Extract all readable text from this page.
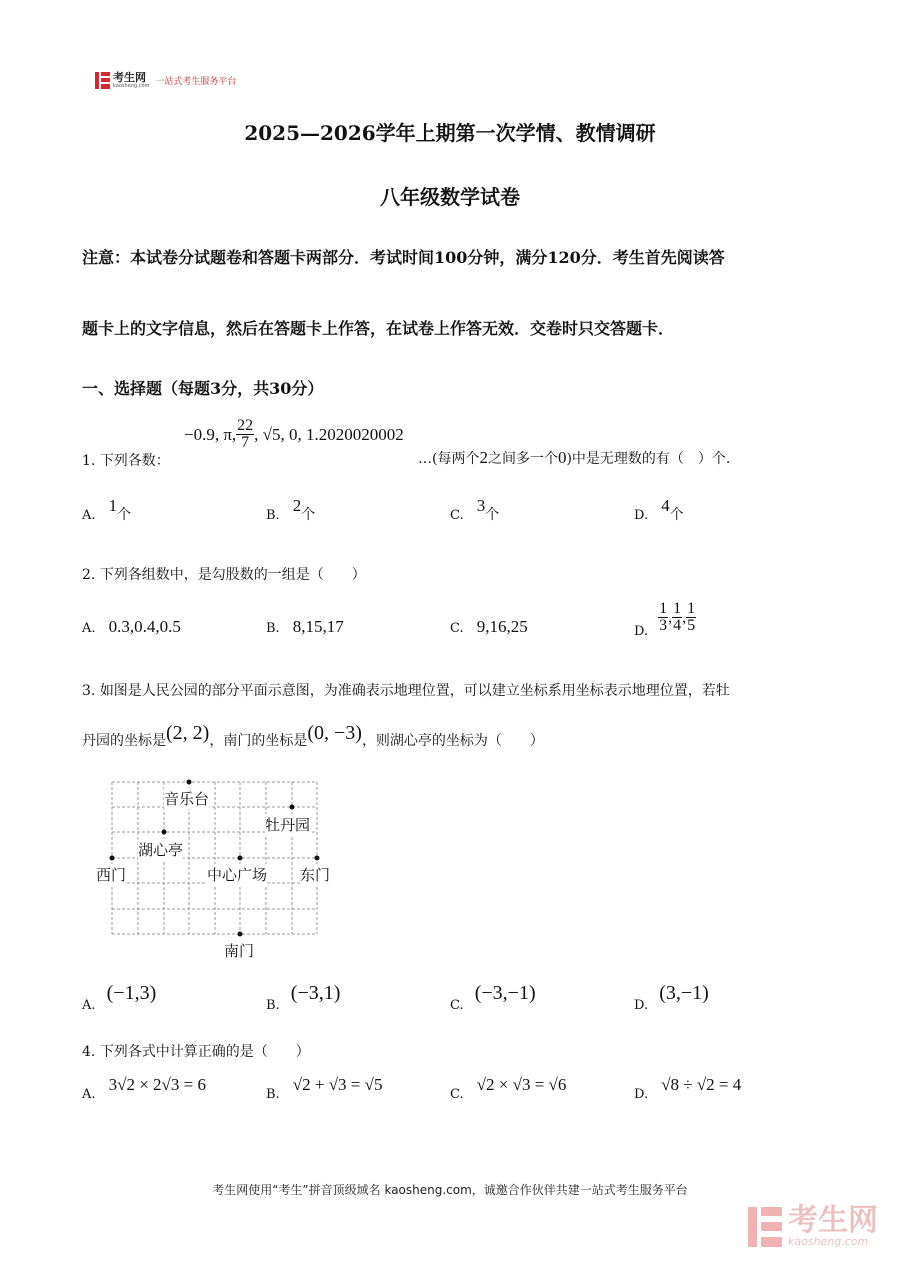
考生网
kaosheng.com 一站式考生服务平台
2025—2026学年上期第一次学情、教情调研
八年级数学试卷
注意：本试卷分试题卷和答题卡两部分．考试时间100分钟，满分120分．考生首先阅读答
题卡上的文字信息，然后在答题卡上作答，在试卷上作答无效．交卷时只交答题卡．
一、选择题（每题3分，共30分）
1. 下列各数：
−0.9, π, $\frac{22}{7}$ , √5, 0, 1.2020020002
…(每两个2之间多一个0)中是无理数的有（　）个.
A. 1个	B. 2个	C. 3个	D. 4个
2. 下列各组数中，是勾股数的一组是（　　）
A. 0.3,0.4,0.5	B. 8,15,17	C. 9,16,25	D. $\frac{1}{3}$ , $\frac{1}{4}$ , $\frac{1}{5}$
3. 如图是人民公园的部分平面示意图，为准确表示地理位置，可以建立坐标系用坐标表示地理位置，若牡
丹园的坐标是 (2, 2) ，南门的坐标是 (0, −3) ，则湖心亭的坐标为（　　）
音乐台
牡丹园
湖心亭
西门	中心广场 东门
南门
$_{A.}$ (−1,3)
$_{B.}$ (−3,1)
$_{C.}$ (−3,−1)
$_{D.}$ (3,−1)
4. 下列各式中计算正确的是（　　）
$_{A.}$ 3√2 × 2√3 = 6
$_{B.}$ √2 + √3 = √5
$_{C.}$ √2 × √3 = √6
$_{D.}$ √8 ÷ √2 = 4
考生网使用“考生”拼音顶级域名 kaosheng.com，诚邀合作伙伴共建一站式考生服务平台
考生网
kaosheng.com
